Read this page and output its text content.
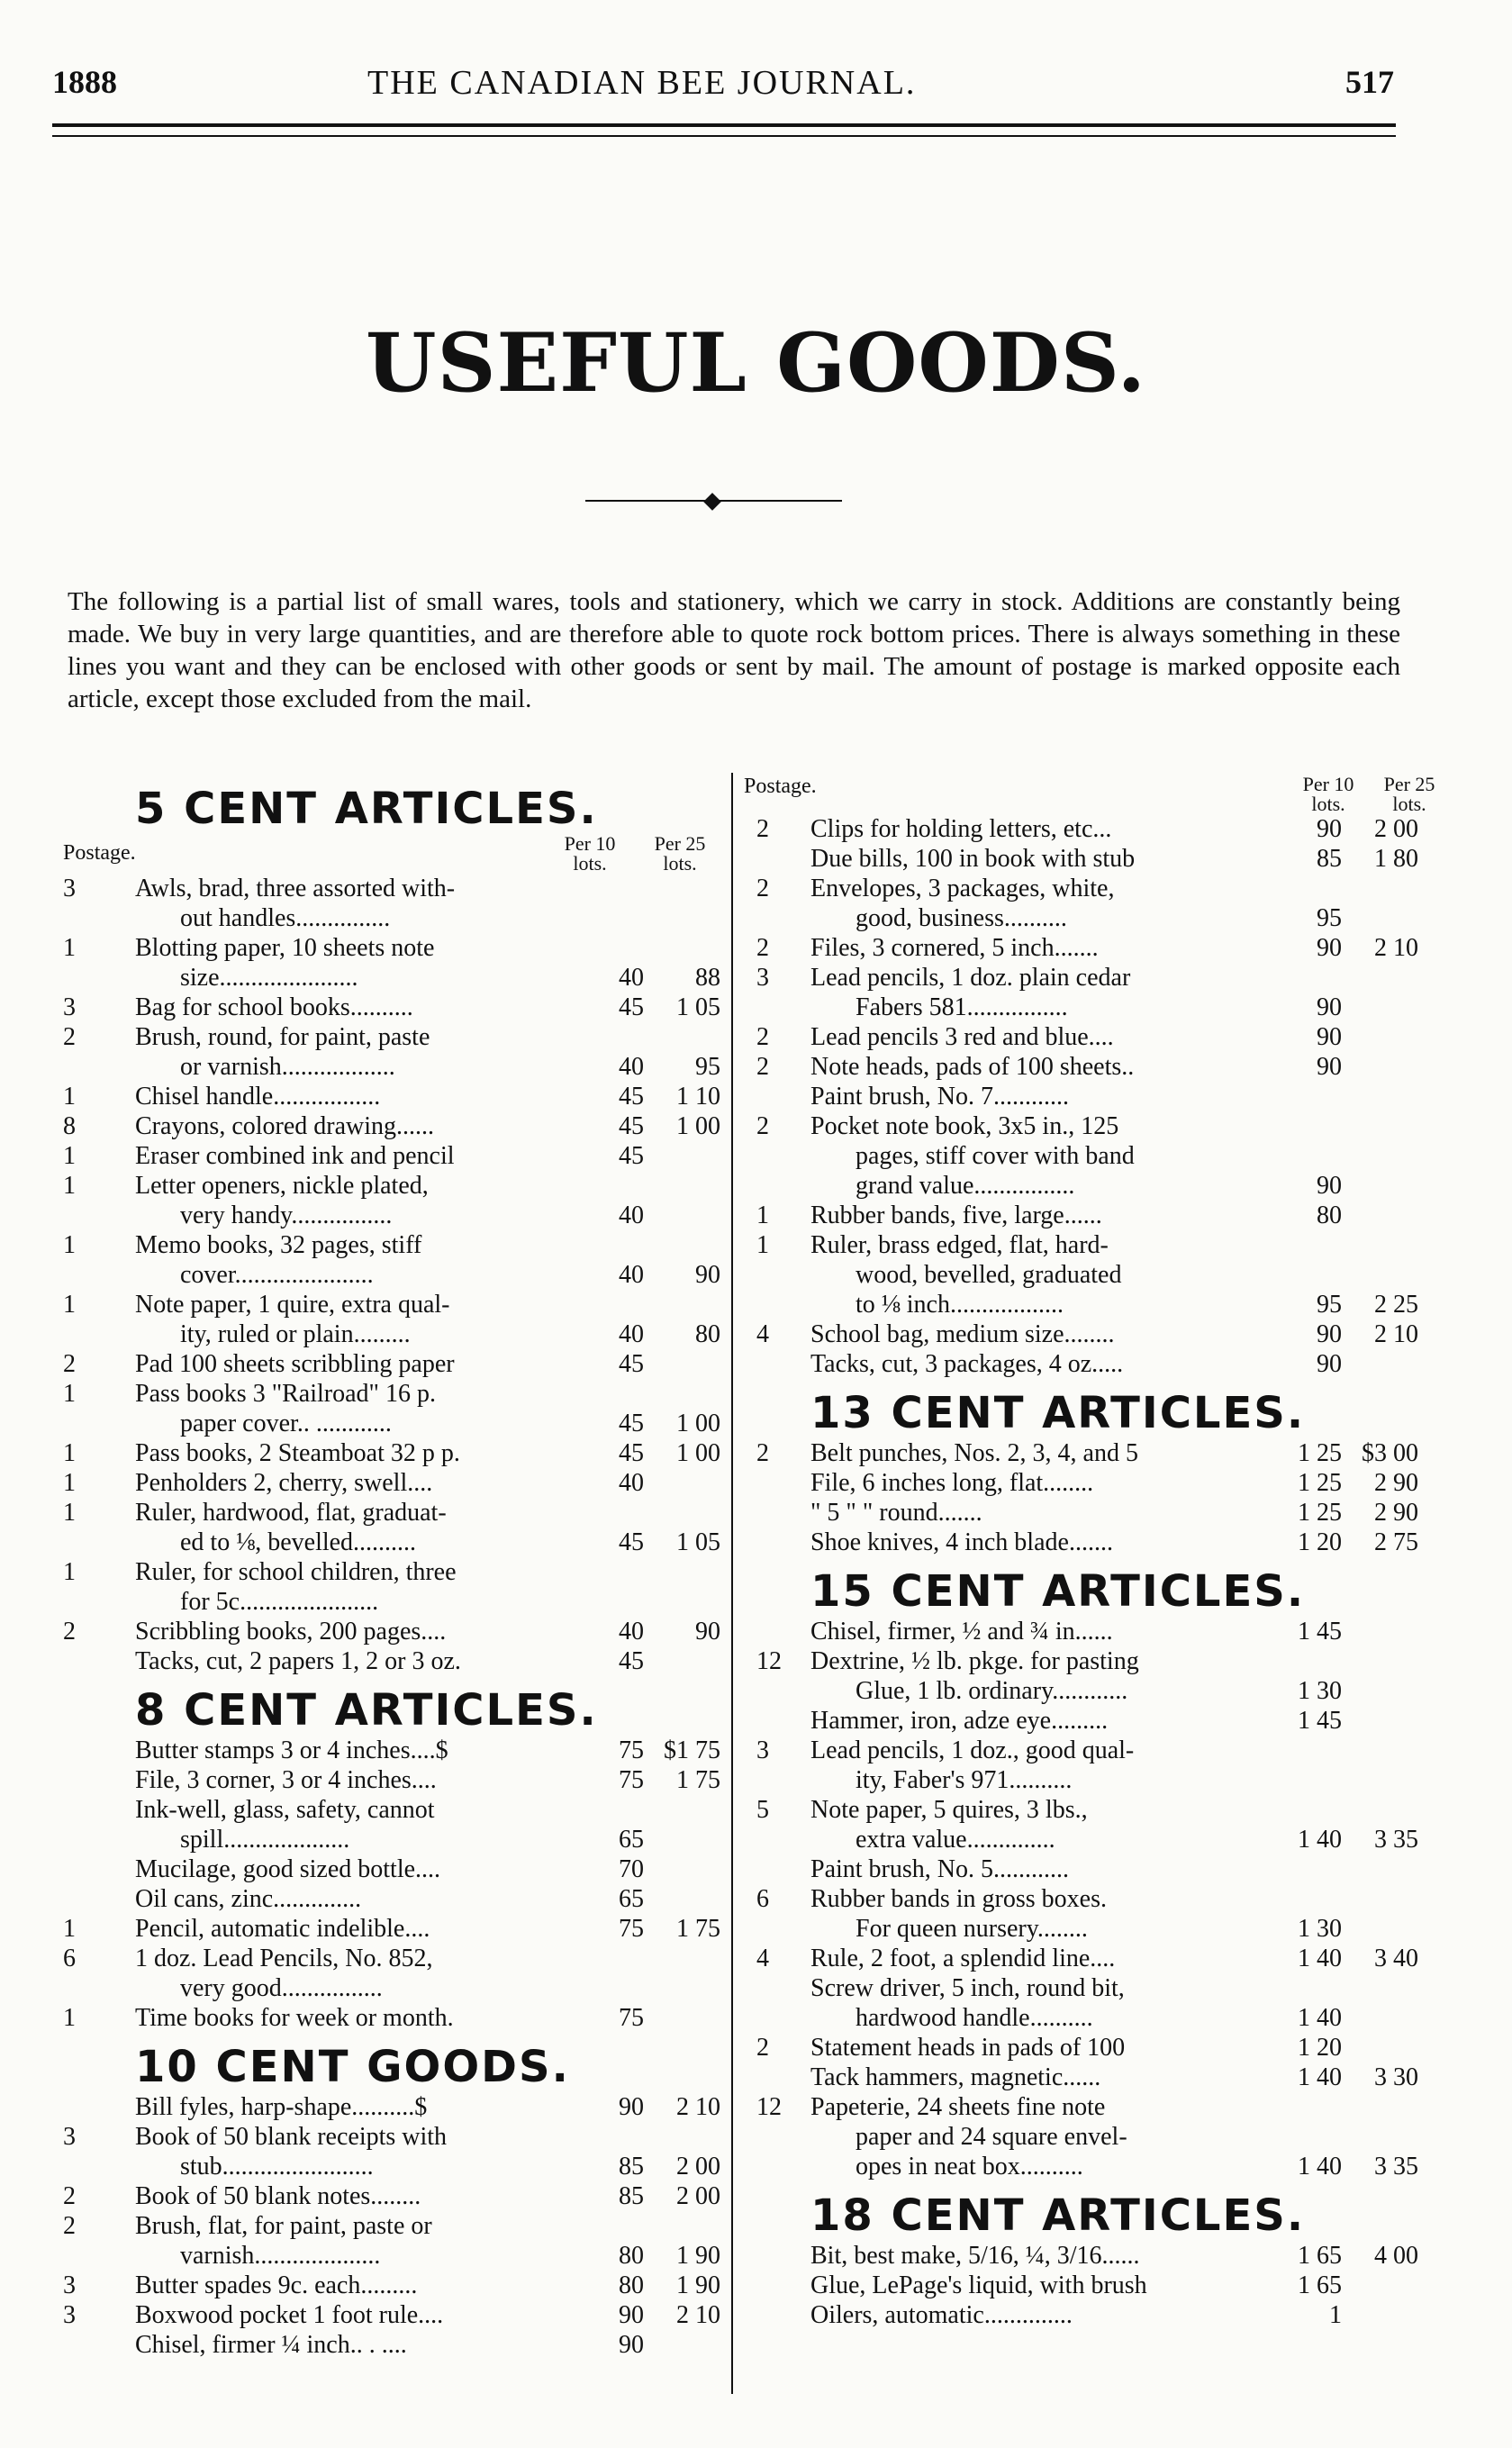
1888	THE CANADIAN BEE JOURNAL.	517
USEFUL GOODS.
The following is a partial list of small wares, tools and stationery, which we carry in stock. Additions are constantly being made. We buy in very large quantities, and are therefore able to quote rock bottom prices. There is always something in these lines you want and they can be enclosed with other goods or sent by mail. The amount of postage is marked opposite each article, except those excluded from the mail.
5 CENT ARTICLES.
Postage.	Per 10 lots.
Per 25 lots.
3	Awls, brad, three assorted with-
out handles...............
1	Blotting paper, 10 sheets note
size......................	40	88
3	Bag for school books..........	45	1 05
2	Brush, round, for paint, paste
or varnish..................	40	95
1	Chisel handle.................	45	1 10
8	Crayons, colored drawing......	45	1 00
1	Eraser combined ink and pencil	45
1	Letter openers, nickle plated,
very handy................	40
1	Memo books, 32 pages, stiff
cover......................	40	90
1	Note paper, 1 quire, extra qual-
ity, ruled or plain.........	40	80
2	Pad 100 sheets scribbling paper	45
1	Pass books 3 "Railroad" 16 p.
paper cover.. ............	45	1 00
1	Pass books, 2 Steamboat 32 p p.	45	1 00
1	Penholders 2, cherry, swell....	40
1	Ruler, hardwood, flat, graduat-
ed to ⅛, bevelled..........	45	1 05
1	Ruler, for school children, three
for 5c......................
2	Scribbling books, 200 pages....	40	90
Tacks, cut, 2 papers 1, 2 or 3 oz.	45
8 CENT ARTICLES.
Butter stamps 3 or 4 inches....$	75 $1 75
File, 3 corner, 3 or 4 inches....	75	1 75
Ink-well, glass, safety, cannot
spill....................	65
Mucilage, good sized bottle....	70
Oil cans, zinc..............	65
1	Pencil, automatic indelible....	75	1 75
6	1 doz. Lead Pencils, No. 852,
very good................
1	Time books for week or month.	75
10 CENT GOODS.
Bill fyles, harp-shape..........$	90	2 10
3	Book of 50 blank receipts with
stub........................	85	2 00
2	Book of 50 blank notes........	85	2 00
2	Brush, flat, for paint, paste or
varnish....................	80	1 90
3	Butter spades 9c. each.........	80	1 90
3	Boxwood pocket 1 foot rule....	90	2 10
Chisel, firmer ¼ inch.. . ....	90
Postage.	Per 10 lots.
Per 25 lots.
2	Clips for holding letters, etc...	90	2 00
Due bills, 100 in book with stub	85	1 80
2	Envelopes, 3 packages, white,
good, business..........	95
2	Files, 3 cornered, 5 inch.......	90	2 10
3	Lead pencils, 1 doz. plain cedar
Fabers 581................	90
2	Lead pencils 3 red and blue....	90
2	Note heads, pads of 100 sheets..	90
Paint brush, No. 7............
2	Pocket note book, 3x5 in., 125
pages, stiff cover with band
grand value................	90
1	Rubber bands, five, large......	80
1	Ruler, brass edged, flat, hard-
wood, bevelled, graduated
to ⅛ inch..................	95	2 25
4	School bag, medium size........	90	2 10
Tacks, cut, 3 packages, 4 oz.....	90
13 CENT ARTICLES.
2	Belt punches, Nos. 2, 3, 4, and 5	1 25 $3 00
File, 6 inches long, flat........	1 25	2 90
" 5 " " round.......	1 25	2 90
Shoe knives, 4 inch blade.......	1 20	2 75
15 CENT ARTICLES.
Chisel, firmer, ½ and ¾ in......	1 45
12	Dextrine, ½ lb. pkge. for pasting
Glue, 1 lb. ordinary............	1 30
Hammer, iron, adze eye.........	1 45
3	Lead pencils, 1 doz., good qual-
ity, Faber's 971..........
5	Note paper, 5 quires, 3 lbs.,
extra value..............	1 40	3 35
Paint brush, No. 5............
6	Rubber bands in gross boxes.
For queen nursery........	1 30
4	Rule, 2 foot, a splendid line....	1 40	3 40
Screw driver, 5 inch, round bit,
hardwood handle..........	1 40
2	Statement heads in pads of 100	1 20
Tack hammers, magnetic......	1 40	3 30
12	Papeterie, 24 sheets fine note
paper and 24 square envel-
opes in neat box..........	1 40	3 35
18 CENT ARTICLES.
Bit, best make, 5/16, ¼, 3/16......	1 65	4 00
Glue, LePage's liquid, with brush	1 65
Oilers, automatic..............	1
